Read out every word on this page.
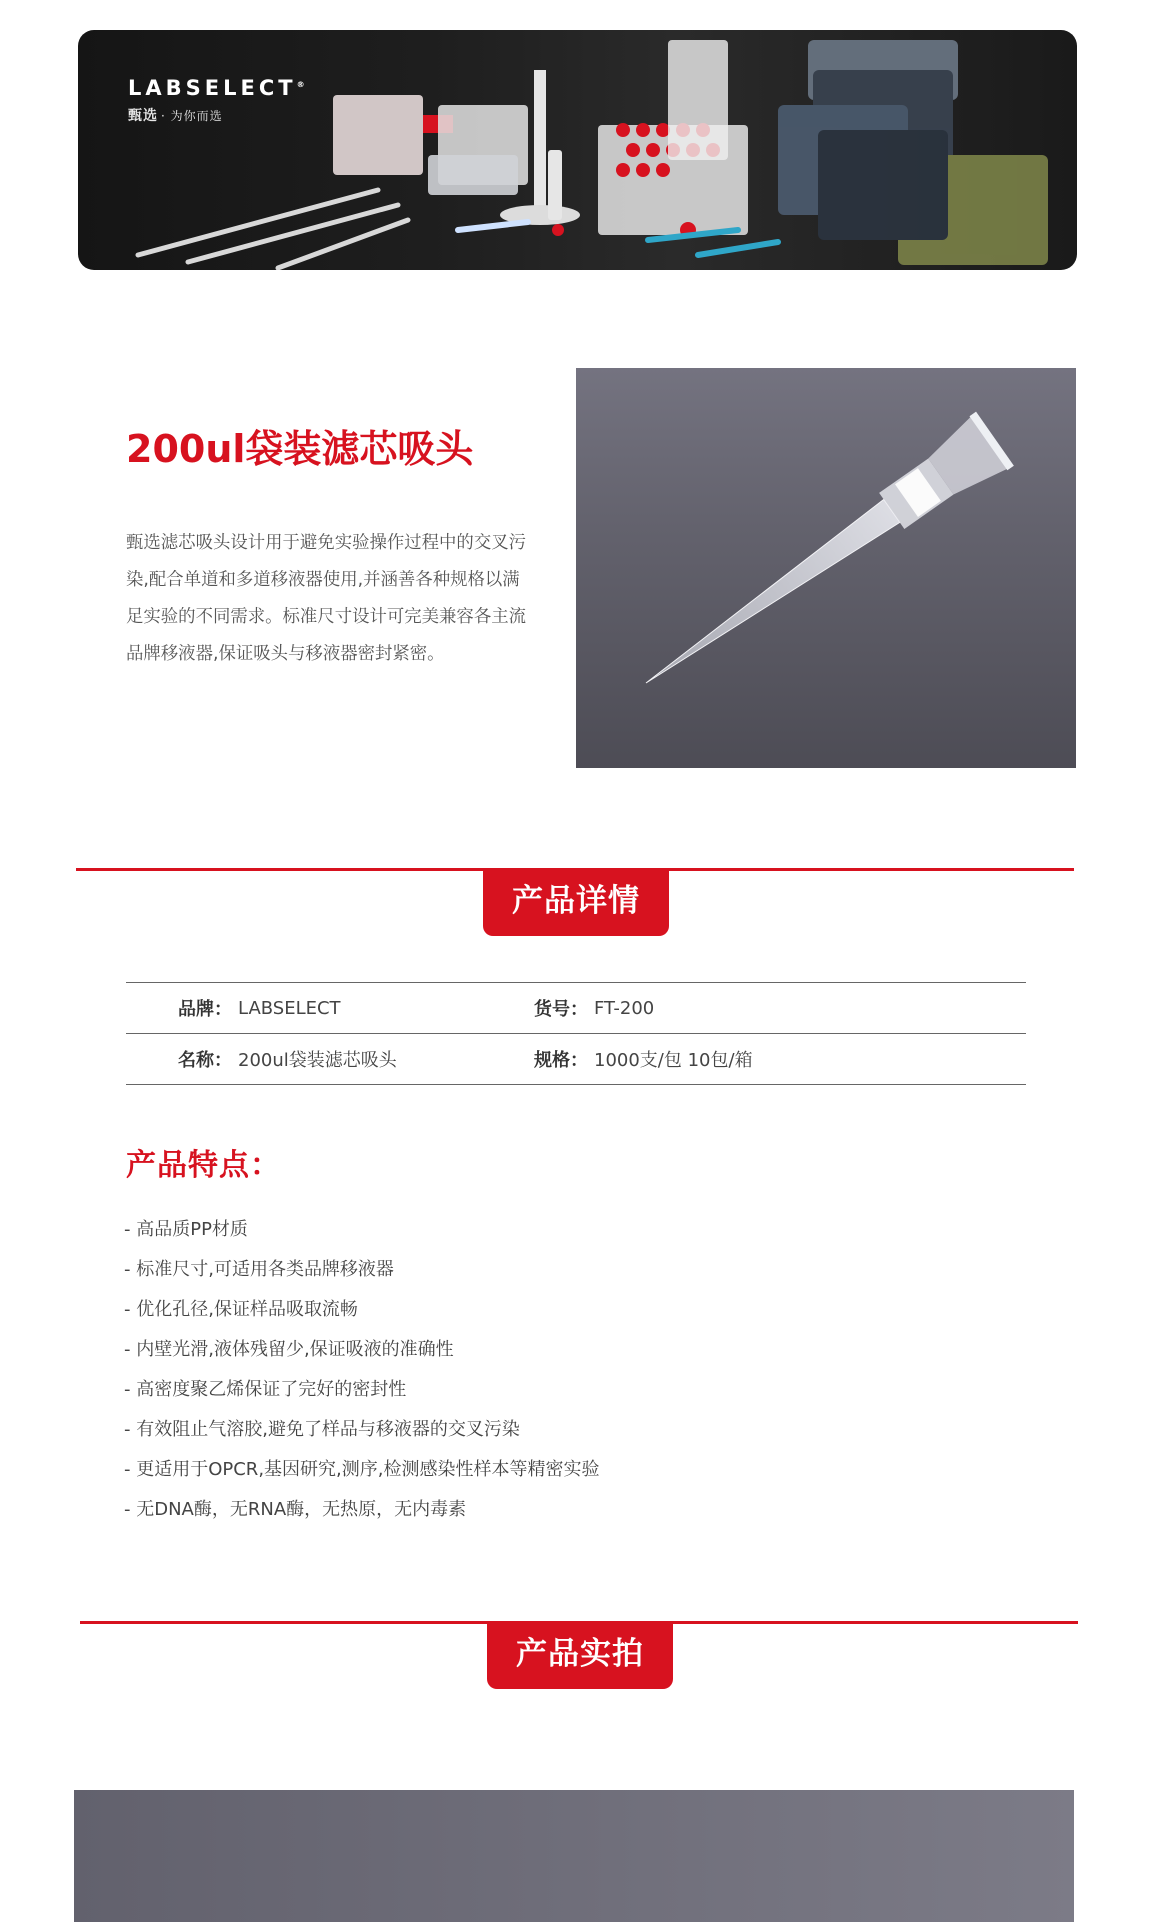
LABSELECT®
甄选 · 为你而选
200ul袋装滤芯吸头

甄选滤芯吸头设计用于避免实验操作过程中的交叉污染,配合单道和多道移液器使用,并涵善各种规格以满足实验的不同需求。标准尺寸设计可完美兼容各主流品牌移液器,保证吸头与移液器密封紧密。

产品详情
品牌： LABSELECT	货号： FT-200
名称： 200ul袋装滤芯吸头	规格： 1000支/包 10包/箱
产品特点：
- 高品质PP材质
- 标准尺寸,可适用各类品牌移液器
- 优化孔径,保证样品吸取流畅
- 内壁光滑,液体残留少,保证吸液的准确性
- 高密度聚乙烯保证了完好的密封性
- 有效阻止气溶胶,避免了样品与移液器的交叉污染
- 更适用于OPCR,基因研究,测序,检测感染性样本等精密实验
- 无DNA酶，无RNA酶，无热原，无内毒素
产品实拍
